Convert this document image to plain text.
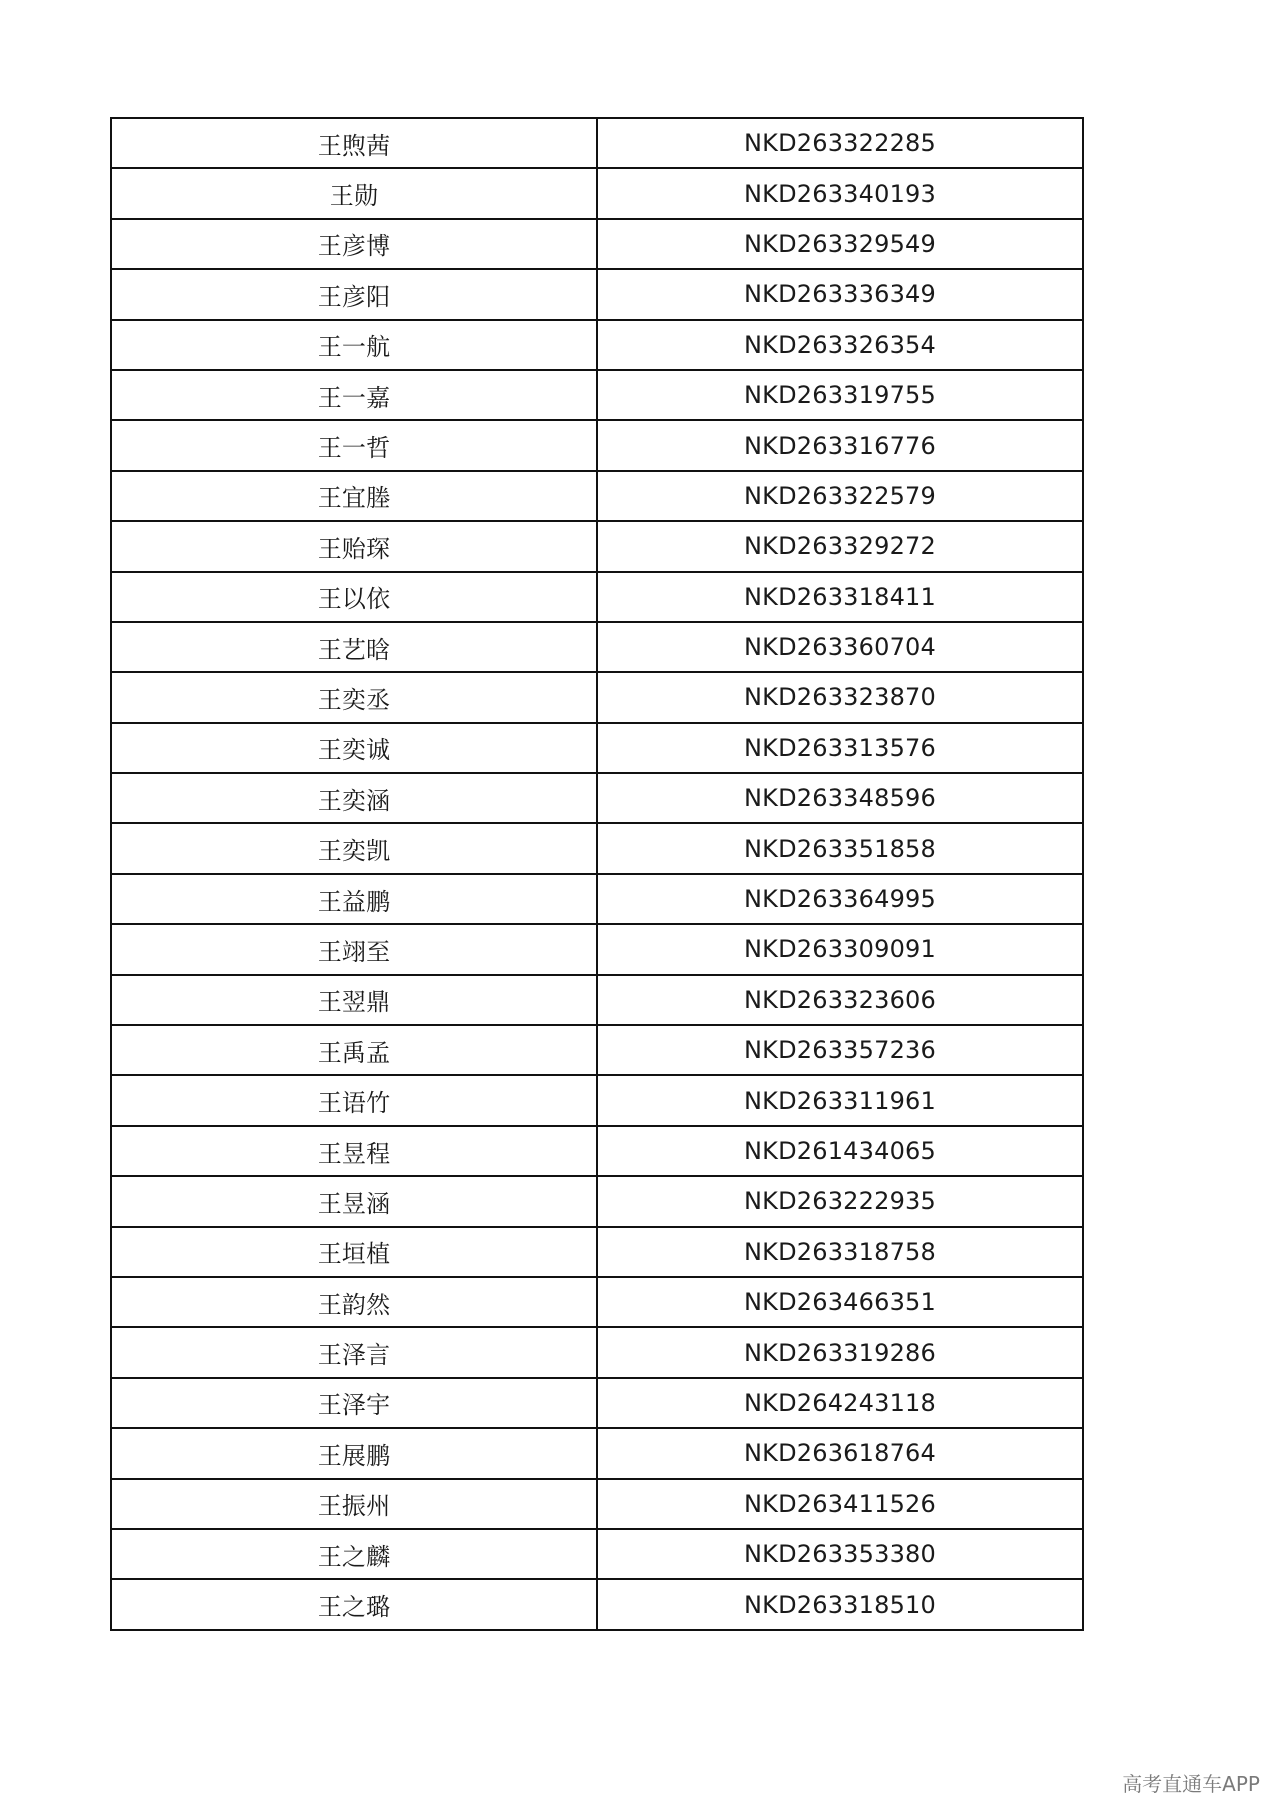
王煦茜	NKD263322285
王勋	NKD263340193
王彦博	NKD263329549
王彦阳	NKD263336349
王一航	NKD263326354
王一嘉	NKD263319755
王一哲	NKD263316776
王宜塍	NKD263322579
王贻琛	NKD263329272
王以依	NKD263318411
王艺晗	NKD263360704
王奕丞	NKD263323870
王奕诚	NKD263313576
王奕涵	NKD263348596
王奕凯	NKD263351858
王益鹏	NKD263364995
王翊至	NKD263309091
王翌鼎	NKD263323606
王禹孟	NKD263357236
王语竹	NKD263311961
王昱程	NKD261434065
王昱涵	NKD263222935
王垣植	NKD263318758
王韵然	NKD263466351
王泽言	NKD263319286
王泽宇	NKD264243118
王展鹏	NKD263618764
王振州	NKD263411526
王之麟	NKD263353380
王之璐	NKD263318510
高考直通车APP
